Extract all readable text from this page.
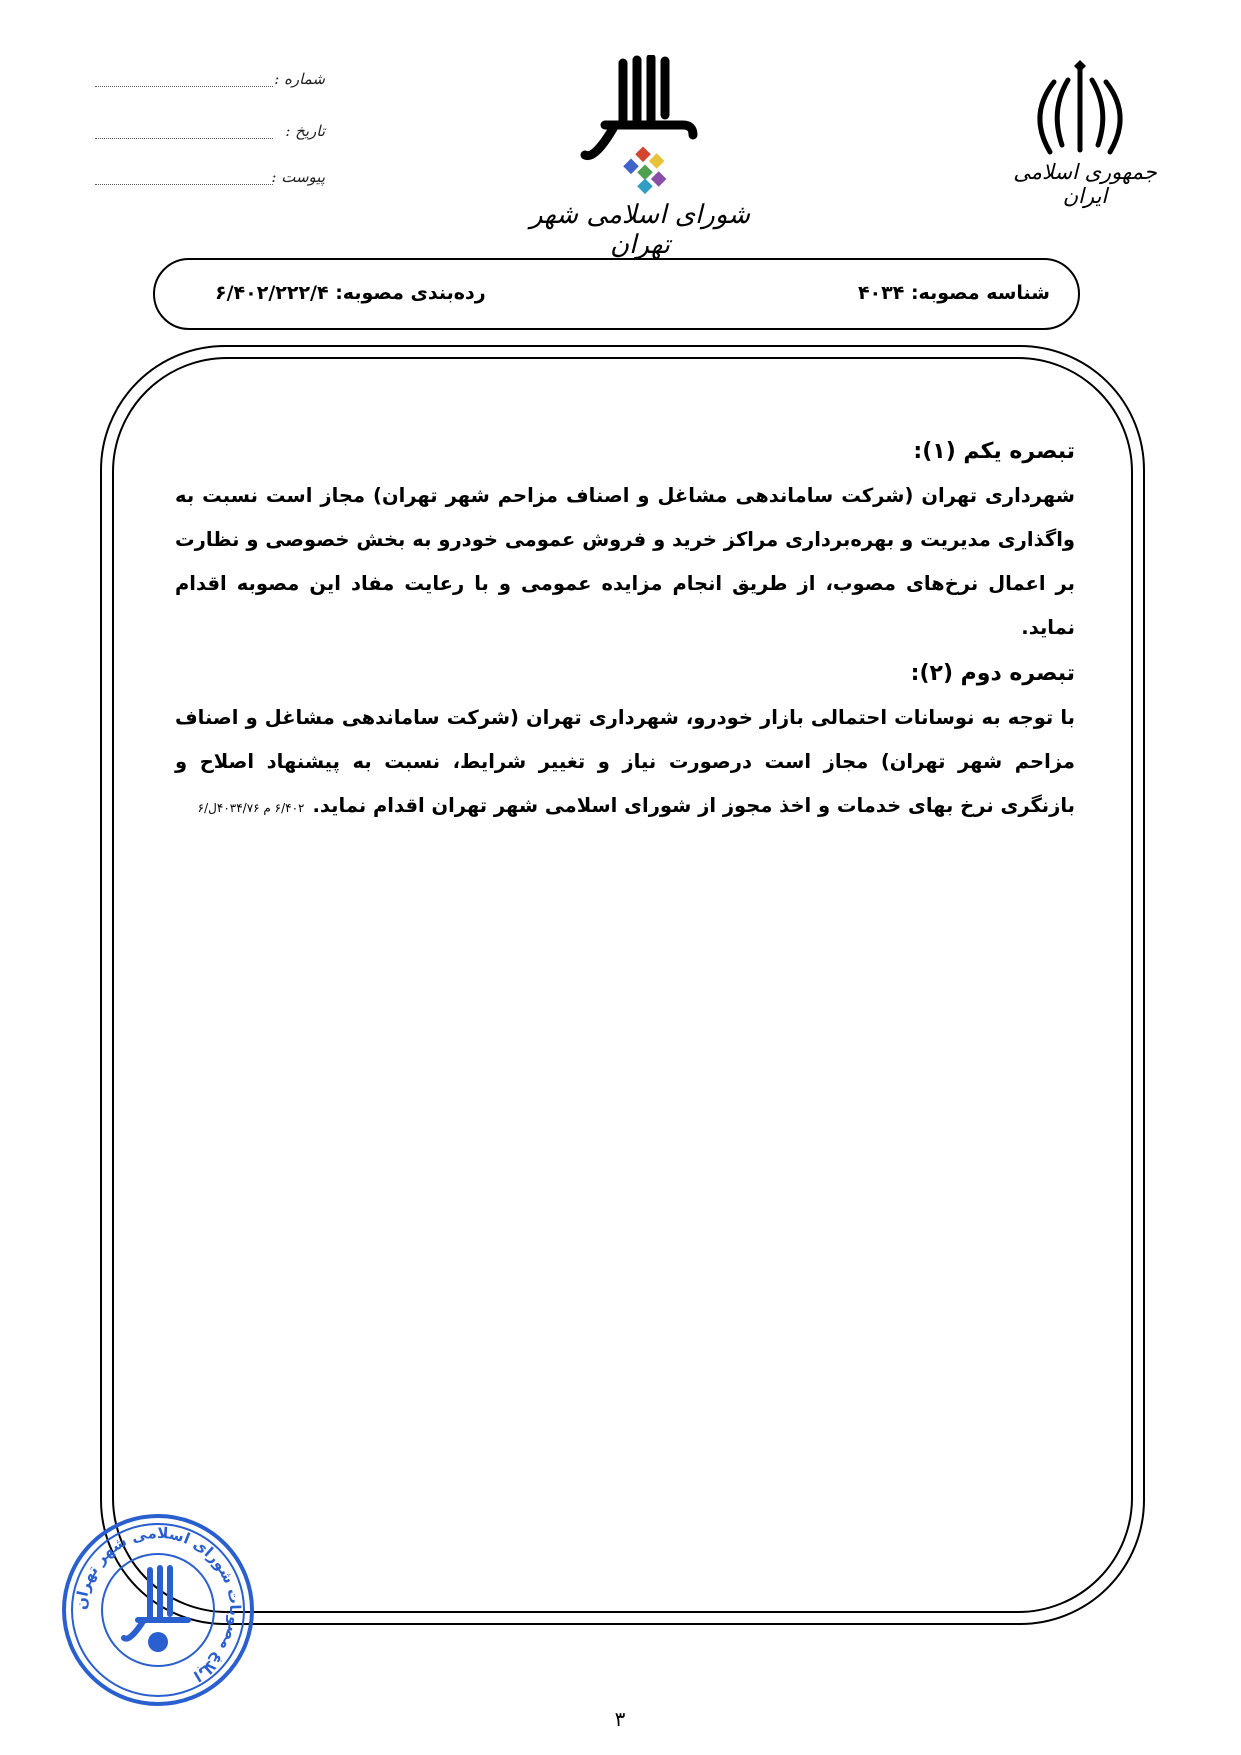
شماره :
تاریخ :
پیوست :
شورای اسلامی شهر تهران
جمهوری اسلامی ایران
شناسه مصوبه: ۴۰۳۴
رده‌بندی مصوبه: ۶/۴۰۲/۲۲۲/۴

تبصره یکم (۱):

شهرداری تهران (شرکت ساماندهی مشاغل و اصناف مزاحم شهر تهران) مجاز است نسبت به واگذاری مدیریت و بهره‌برداری مراکز خرید و فروش عمومی خودرو به بخش خصوصی و نظارت بر اعمال نرخ‌های مصوب، از طریق انجام مزایده عمومی و با رعایت مفاد این مصوبه اقدام نماید.

تبصره دوم (۲):

با توجه به نوسانات احتمالی بازار خودرو، شهرداری تهران (شرکت ساماندهی مشاغل و اصناف مزاحم شهر تهران) مجاز است درصورت نیاز و تغییر شرایط، نسبت به پیشنهاد اصلاح و بازنگری نرخ بهای خدمات و اخذ مجوز از شورای اسلامی شهر تهران اقدام نماید.۶/۴۰۲ م ۴۰۳۴/۷۶ل/۶

ابلاغ مصوبات شورای اسلامی شهر تهران
۳
